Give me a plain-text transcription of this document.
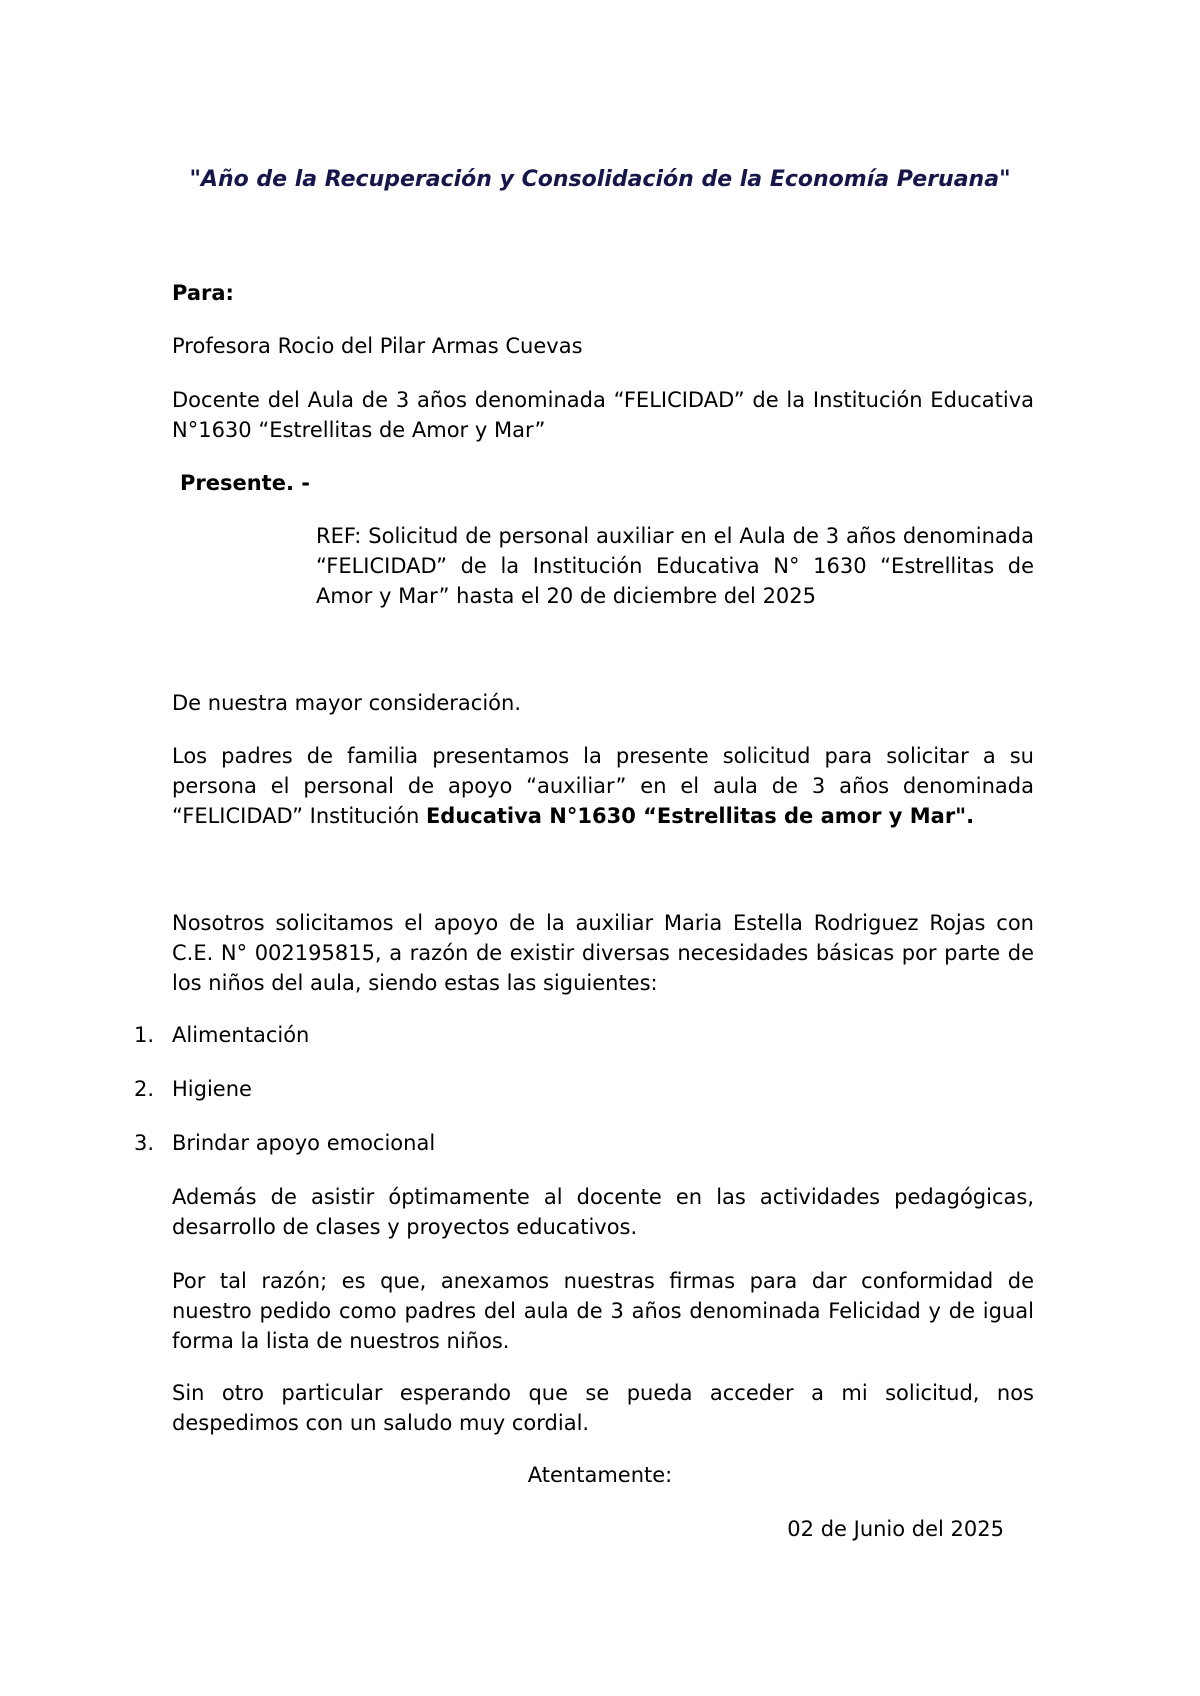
"Año de la Recuperación y Consolidación de la Economía Peruana"

Para:

Profesora Rocio del Pilar Armas Cuevas

Docente del Aula de 3 años denominada “FELICIDAD” de la Institución Educativa N°1630 “Estrellitas de Amor y Mar”

Presente. -

REF: Solicitud de personal auxiliar en el Aula de 3 años denominada “FELICIDAD” de la Institución Educativa N° 1630 “Estrellitas de Amor y Mar” hasta el 20 de diciembre del 2025

De nuestra mayor consideración.

Los padres de familia presentamos la presente solicitud para solicitar a su persona el personal de apoyo “auxiliar” en el aula de 3 años denominada “FELICIDAD” Institución Educativa N°1630 “Estrellitas de amor y Mar".

Nosotros solicitamos el apoyo de la auxiliar Maria Estella Rodriguez Rojas con C.E. N° 002195815, a razón de existir diversas necesidades básicas por parte de los niños del aula, siendo estas las siguientes:

1. Alimentación

2. Higiene

3. Brindar apoyo emocional

Además de asistir óptimamente al docente en las actividades pedagógicas, desarrollo de clases y proyectos educativos.

Por tal razón; es que, anexamos nuestras firmas para dar conformidad de nuestro pedido como padres del aula de 3 años denominada Felicidad y de igual forma la lista de nuestros niños.

Sin otro particular esperando que se pueda acceder a mi solicitud, nos despedimos con un saludo muy cordial.

Atentamente:

02 de Junio del 2025
